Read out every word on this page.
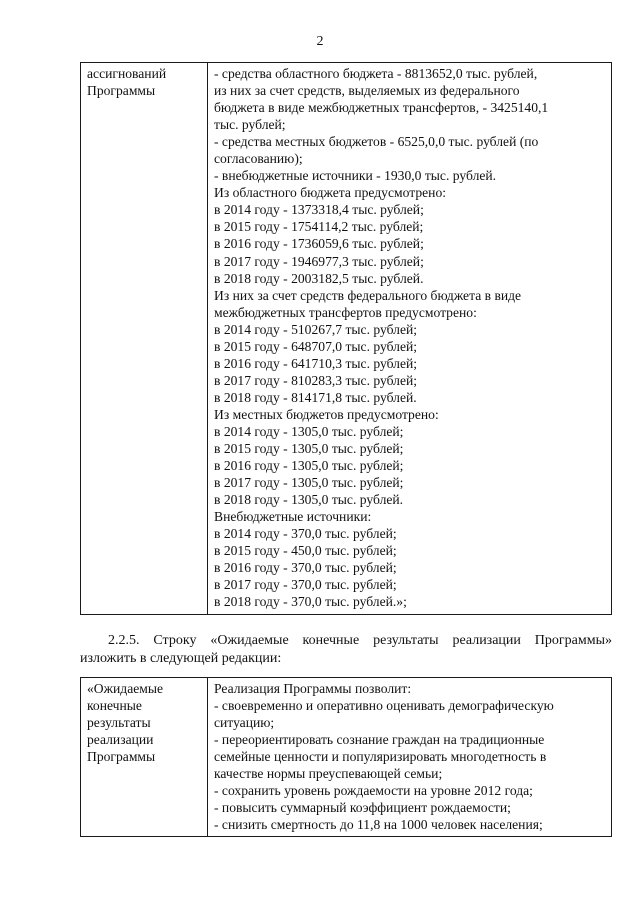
2
ассигнований
Программы

- средства областного бюджета - 8813652,0 тыс. рублей,
из них за счет средств, выделяемых из федерального
бюджета в виде межбюджетных трансфертов, - 3425140,1
тыс. рублей;
- средства местных бюджетов - 6525,0,0 тыс. рублей (по
согласованию);
- внебюджетные источники - 1930,0 тыс. рублей.
Из областного бюджета предусмотрено:
в 2014 году - 1373318,4 тыс. рублей;
в 2015 году - 1754114,2 тыс. рублей;
в 2016 году - 1736059,6 тыс. рублей;
в 2017 году - 1946977,3 тыс. рублей;
в 2018 году - 2003182,5 тыс. рублей.
Из них за счет средств федерального бюджета в виде
межбюджетных трансфертов предусмотрено:
в 2014 году - 510267,7 тыс. рублей;
в 2015 году - 648707,0 тыс. рублей;
в 2016 году - 641710,3 тыс. рублей;
в 2017 году - 810283,3 тыс. рублей;
в 2018 году - 814171,8 тыс. рублей.
Из местных бюджетов предусмотрено:
в 2014 году - 1305,0 тыс. рублей;
в 2015 году - 1305,0 тыс. рублей;
в 2016 году - 1305,0 тыс. рублей;
в 2017 году - 1305,0 тыс. рублей;
в 2018 году - 1305,0 тыс. рублей.
Внебюджетные источники:
в 2014 году - 370,0 тыс. рублей;
в 2015 году - 450,0 тыс. рублей;
в 2016 году - 370,0 тыс. рублей;
в 2017 году - 370,0 тыс. рублей;
в 2018 году - 370,0 тыс. рублей.»;
2.2.5. Строку «Ожидаемые конечные результаты реализации Программы»
изложить в следующей редакции:
«Ожидаемые
конечные
результаты
реализации
Программы

Реализация Программы позволит:
- своевременно и оперативно оценивать демографическую
ситуацию;
- переориентировать сознание граждан на традиционные
семейные ценности и популяризировать многодетность в
качестве нормы преуспевающей семьи;
- сохранить уровень рождаемости на уровне 2012 года;
- повысить суммарный коэффициент рождаемости;
- снизить смертность до 11,8 на 1000 человек населения;
